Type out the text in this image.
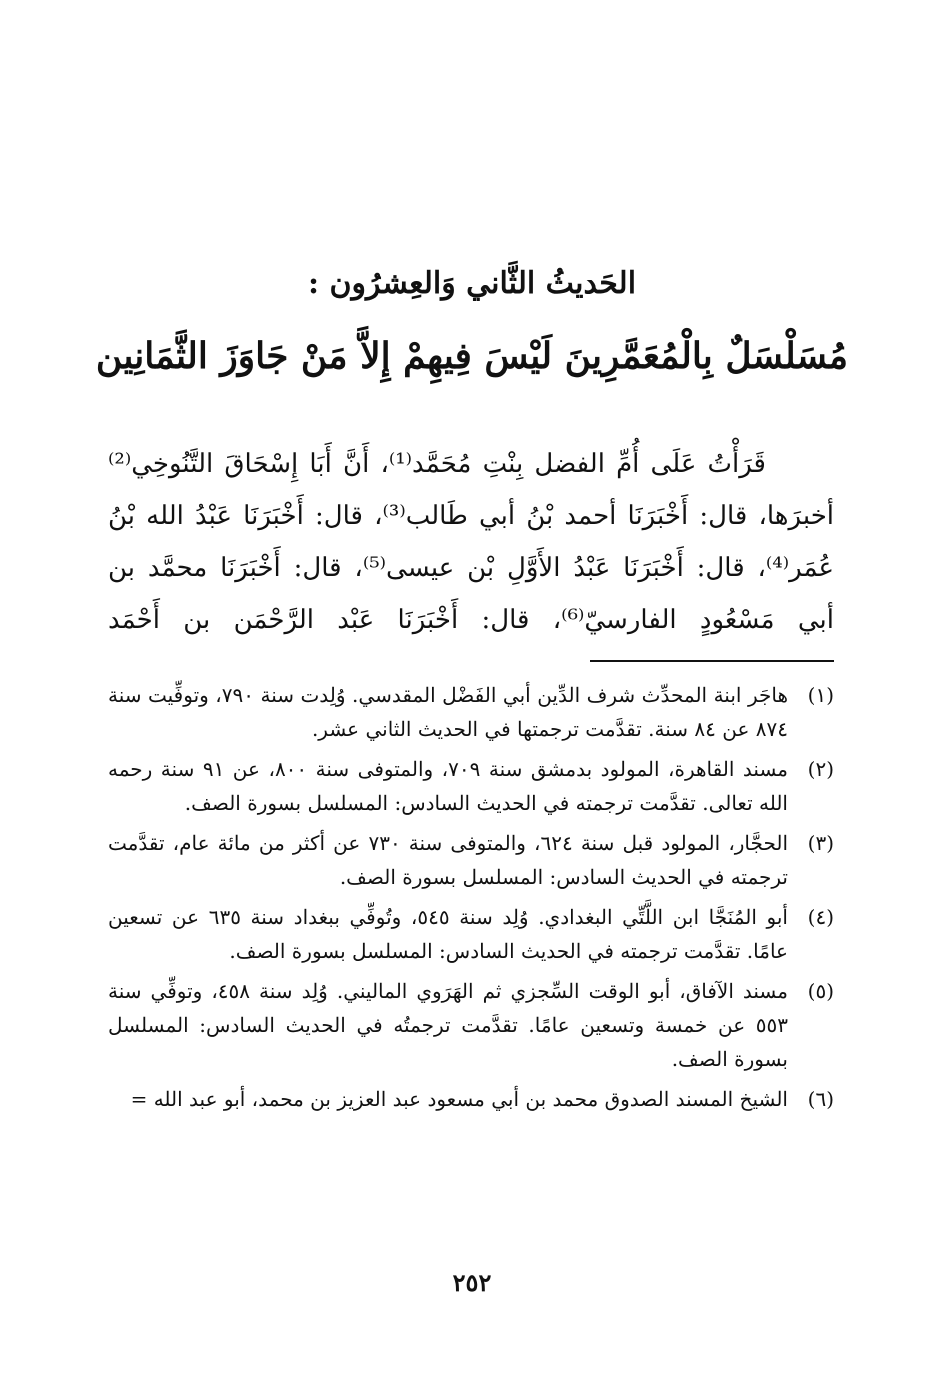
الحَديثُ الثَّاني وَالعِشرُون :
مُسَلْسَلٌ بِالْمُعَمَّرِينَ لَيْسَ فِيهِمْ إِلاَّ مَنْ جَاوَزَ الثَّمَانِين
قَرَأْتُ عَلَى أُمِّ الفضل بِنْتِ مُحَمَّد⁽¹⁾، أَنَّ أَبَا إِسْحَاقَ التَّنُوخِي⁽²⁾
أخبرَها، قال: أَخْبَرَنَا أحمد بْنُ أبي طَالب⁽³⁾، قال: أَخْبَرَنَا عَبْدُ الله بْنُ
عُمَر⁽⁴⁾، قال: أَخْبَرَنَا عَبْدُ الأَوَّلِ بْن عيسى⁽⁵⁾، قال: أَخْبَرَنَا محمَّد بن
أبي مَسْعُودٍ الفارسيّ⁽⁶⁾، قال: أَخْبَرَنَا عَبْد الرَّحْمَن بن أَحْمَد
(١)
هاجَر ابنة المحدِّث شرف الدِّين أبي الفَضْل المقدسي. وُلِدت سنة ٧٩٠، وتوفِّيت سنة ٨٧٤ عن ٨٤ سنة. تقدَّمت ترجمتها في الحديث الثاني عشر.
(٢)
مسند القاهرة، المولود بدمشق سنة ٧٠٩، والمتوفى سنة ٨٠٠، عن ٩١ سنة رحمه الله تعالى. تقدَّمت ترجمته في الحديث السادس: المسلسل بسورة الصف.
(٣)
الحجَّار، المولود قبل سنة ٦٢٤، والمتوفى سنة ٧٣٠ عن أكثر من مائة عام، تقدَّمت ترجمته في الحديث السادس: المسلسل بسورة الصف.
(٤)
أبو المُنَجَّا ابن اللَّتِّي البغدادي. وُلِد سنة ٥٤٥، وتُوفِّي ببغداد سنة ٦٣٥ عن تسعين عامًا. تقدَّمت ترجمته في الحديث السادس: المسلسل بسورة الصف.
(٥)
مسند الآفاق، أبو الوقت السِّجزي ثم الهَرَوي الماليني. وُلِد سنة ٤٥٨، وتوفِّي سنة ٥٥٣ عن خمسة وتسعين عامًا. تقدَّمت ترجمتُه في الحديث السادس: المسلسل بسورة الصف.
(٦)
الشيخ المسند الصدوق محمد بن أبي مسعود عبد العزيز بن محمد، أبو عبد الله =
٢٥٢
